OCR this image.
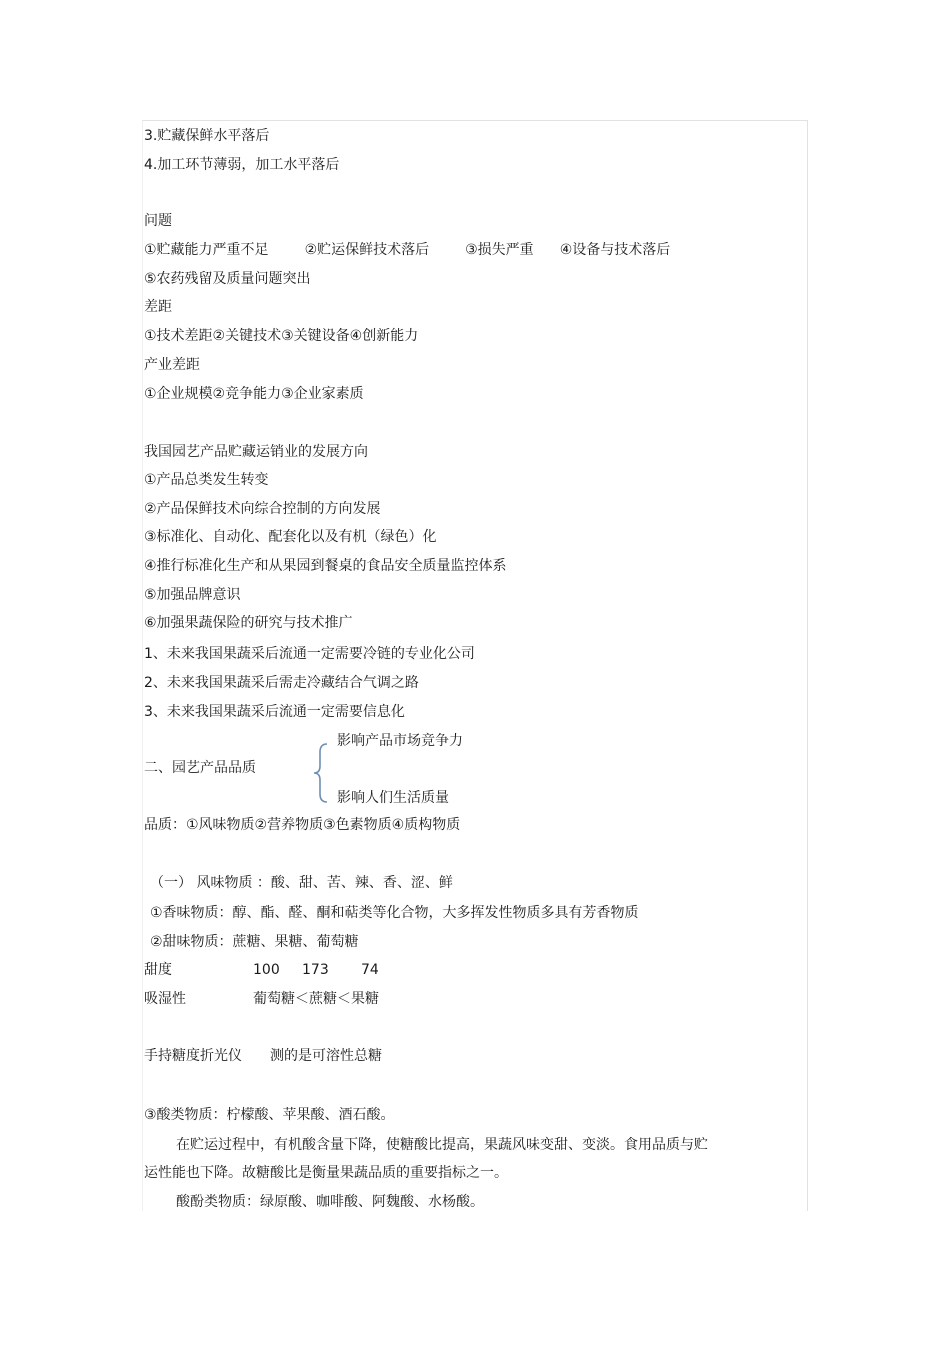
3.贮藏保鲜水平落后
4.加工环节薄弱，加工水平落后
问题
①贮藏能力严重不足	②贮运保鲜技术落后	③损失严重 ④设备与技术落后
⑤农药残留及质量问题突出
差距
①技术差距②关键技术③关键设备④创新能力
产业差距
①企业规模②竞争能力③企业家素质
我国园艺产品贮藏运销业的发展方向
①产品总类发生转变
②产品保鲜技术向综合控制的方向发展
③标准化、自动化、配套化以及有机（绿色）化
④推行标准化生产和从果园到餐桌的食品安全质量监控体系
⑤加强品牌意识
⑥加强果蔬保险的研究与技术推广
1、未来我国果蔬采后流通一定需要冷链的专业化公司
2、未来我国果蔬采后需走冷藏结合气调之路
3、未来我国果蔬采后流通一定需要信息化
影响产品市场竞争力
二、园艺产品品质
影响人们生活质量
品质：①风味物质②营养物质③色素物质④质构物质
（一） 风味物质 ：酸、甜、苦、辣、香、涩、鲜
①香味物质：醇、酯、醛、酮和萜类等化合物，大多挥发性物质多具有芳香物质
②甜味物质：蔗糖、果糖、葡萄糖
甜度	100 173 74
吸湿性	葡萄糖＜蔗糖＜果糖
手持糖度折光仪 测的是可溶性总糖
③酸类物质：柠檬酸、苹果酸、酒石酸。
在贮运过程中，有机酸含量下降，使糖酸比提高，果蔬风味变甜、变淡。食用品质与贮
运性能也下降。故糖酸比是衡量果蔬品质的重要指标之一。
酸酚类物质：绿原酸、咖啡酸、阿魏酸、水杨酸。
